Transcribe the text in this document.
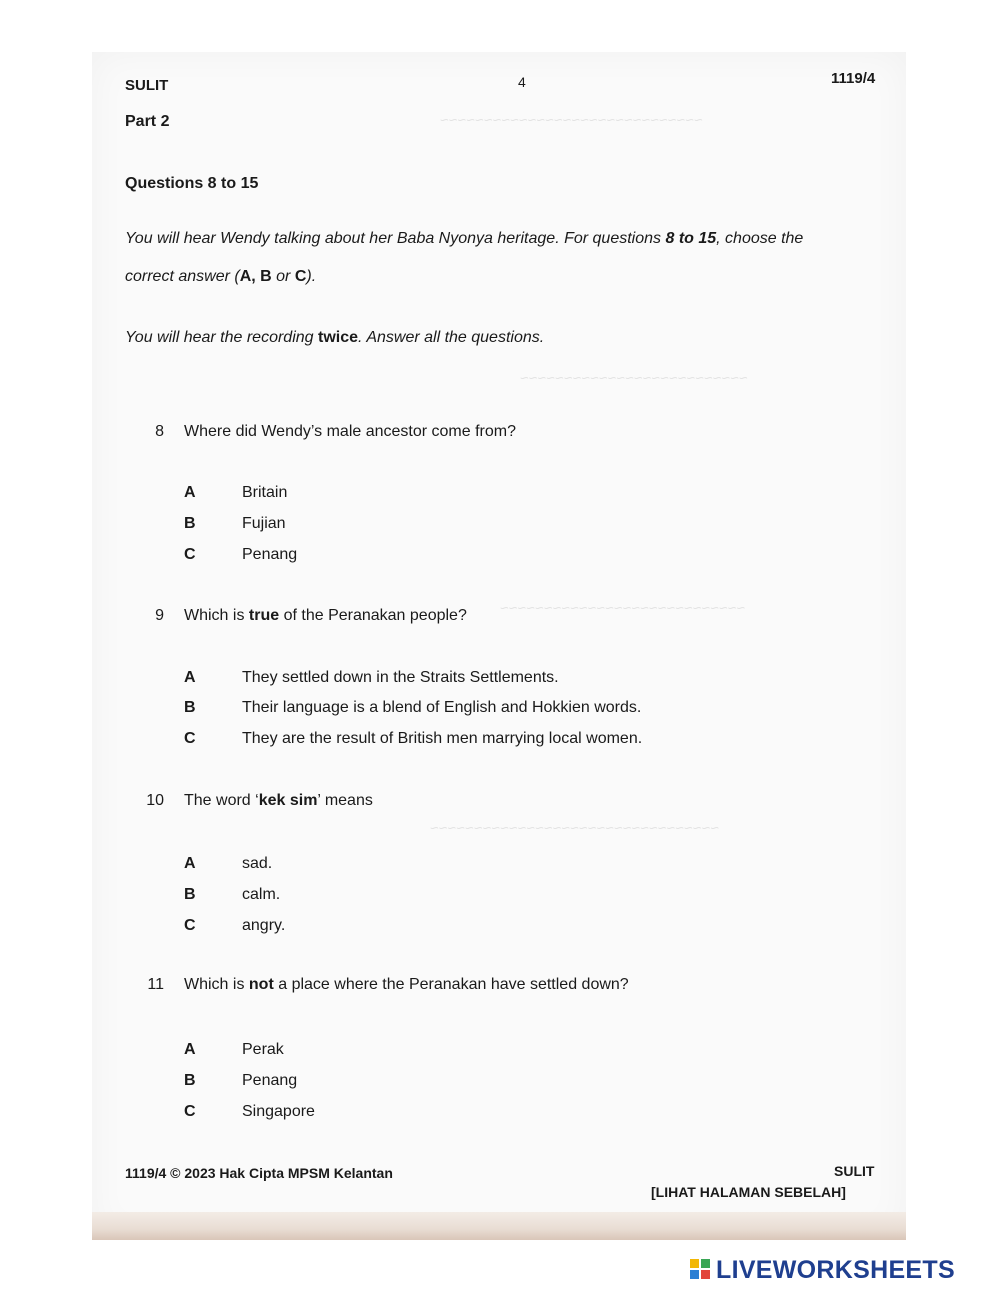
~~~~~~~~~~~~~~~~~~~~~~~~~~~~~~
~~~~~~~~~~~~~~~~~~~~~~~~~~
~~~~~~~~~~~~~~~~~~~~~~~~~~~~
~~~~~~~~~~~~~~~~~~~~~~~~~~~~~~~~~
SULIT	4	1119/4
Part 2
Questions 8 to 15
You will hear Wendy talking about her Baba Nyonya heritage. For questions 8 to 15, choose the
correct answer (A, B or C).
You will hear the recording twice. Answer all the questions.
8 Where did Wendy’s male ancestor come from?
A	Britain
B	Fujian
C	Penang
9 Which is true of the Peranakan people?
A	They settled down in the Straits Settlements.
B	Their language is a blend of English and Hokkien words.
C	They are the result of British men marrying local women.
10 The word ‘kek sim’ means
A	sad.
B	calm.
C	angry.
11 Which is not a place where the Peranakan have settled down?
A	Perak
B	Penang
C	Singapore
1119/4 © 2023 Hak Cipta MPSM Kelantan	SULIT
[LIHAT HALAMAN SEBELAH]
LIVEWORKSHEETS
